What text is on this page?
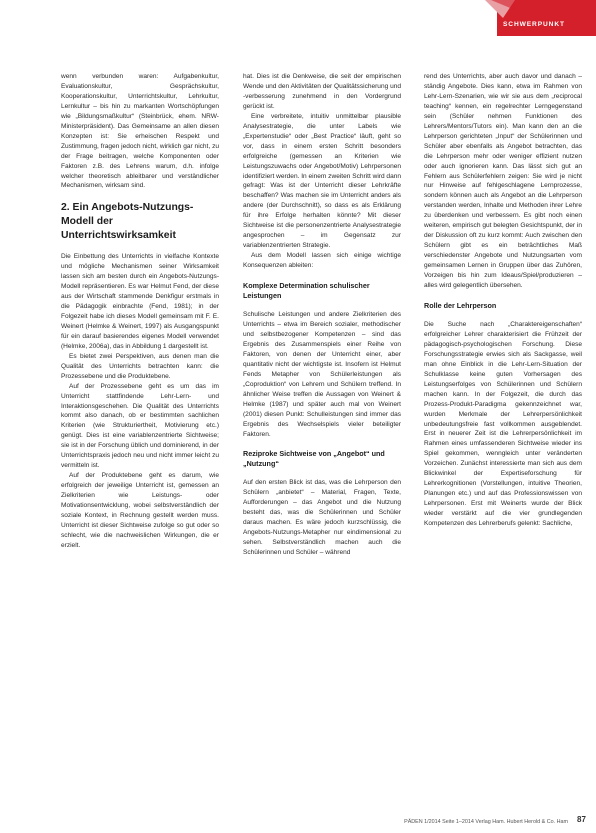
SCHWERPUNKT

wenn verbunden waren: Aufgabenkultur, Evaluationskultur, Gesprächskultur, Kooperationskultur, Unterrichtskultur, Lehrkultur, Lernkultur – bis hin zu markanten Wortschöpfungen wie „Bildungsmaßkultur“ (Steinbrück, ehem. NRW-Ministerpräsident). Das Gemeinsame an allen diesen Konzepten ist: Sie erheischen Respekt und Zustimmung, fragen jedoch nicht, wirklich gar nicht, zu der Frage beitragen, welche Komponenten oder Faktoren z.B. des Lehrens warum, d.h. infolge welcher theoretisch ableitbarer und verständlicher Mechanismen, wirksam sind.

2. Ein Angebots-Nutzungs-Modell der Unterrichtswirksamkeit

Die Einbettung des Unterrichts in vielfache Kontexte und mögliche Mechanismen seiner Wirksamkeit lassen sich am besten durch ein Angebots-Nutzungs-Modell repräsentieren. Es war Helmut Fend, der diese aus der Wirtschaft stammende Denkfigur erstmals in die Pädagogik einbrachte (Fend, 1981); in der Folgezeit habe ich dieses Modell gemeinsam mit F. E. Weinert (Helmke & Weinert, 1997) als Ausgangspunkt für ein darauf basierendes eigenes Modell verwendet (Helmke, 2006a), das in Abbildung 1 dargestellt ist.

Es bietet zwei Perspektiven, aus denen man die Qualität des Unterrichts betrachten kann: die Prozessebene und die Produktebene.

Auf der Prozessebene geht es um das im Unterricht stattfindende Lehr-Lern- und Interaktionsgeschehen. Die Qualität des Unterrichts kommt also danach, ob er bestimmten sachlichen Kriterien (wie Strukturiertheit, Motivierung etc.) genügt. Dies ist eine variablenzentrierte Sichtweise; sie ist in der Forschung üblich und dominierend, in der Unterrichtspraxis jedoch neu und nicht immer leicht zu vermitteln ist.

Auf der Produktebene geht es darum, wie erfolgreich der jeweilige Unterricht ist, gemessen an Zielkriterien wie Leistungs- oder Motivationsentwicklung, wobei selbstverständlich der soziale Kontext, in Rechnung gestellt werden muss. Unterricht ist dieser Sichtweise zufolge so gut oder so schlecht, wie die nachweislichen Wirkungen, die er erzielt.

hat. Dies ist die Denkweise, die seit der empirischen Wende und den Aktivitäten der Qualitätssicherung und -verbesserung zunehmend in den Vordergrund gerückt ist.

Eine verbreitete, intuitiv unmittelbar plausible Analysestrategie, die unter Labels wie „Expertenstudie“ oder „Best Practice“ läuft, geht so vor, dass in einem ersten Schritt besonders erfolgreiche (gemessen an Kriterien wie Leistungszuwachs oder Angebot/Motiv) Lehrpersonen identifiziert werden. In einem zweiten Schritt wird dann gefragt: Was ist der Unterricht dieser Lehrkräfte beschaffen? Was machen sie im Unterricht anders als andere (der Durchschnitt), so dass es als Erklärung für ihre Erfolge herhalten könnte? Mit dieser Sichtweise ist die personenzentrierte Analysestrategie angesprochen – im Gegensatz zur variablenzentrierten Strategie.

Aus dem Modell lassen sich einige wichtige Konsequenzen ableiten:

Komplexe Determination schulischer Leistungen

Schulische Leistungen und andere Zielkriterien des Unterrichts – etwa im Bereich sozialer, methodischer und selbstbezogener Kompetenzen – sind das Ergebnis des Zusammenspiels einer Reihe von Faktoren, von denen der Unterricht einer, aber quantitativ nicht der wichtigste ist. Insofern ist Helmut Fends Metapher von Schülerleistungen als „Coproduktion“ von Lehrern und Schülern treffend. In ähnlicher Weise treffen die Aussagen von Weinert & Helmke (1987) und später auch mal von Weinert (2001) diesen Punkt: Schulleistungen sind immer das Ergebnis des Wechselspiels vieler beteiligter Faktoren.

Reziproke Sichtweise von „Angebot“ und „Nutzung“

Auf den ersten Blick ist das, was die Lehrperson den Schülern „anbietet“ – Material, Fragen, Texte, Aufforderungen – das Angebot und die Nutzung besteht das, was die Schülerinnen und Schüler daraus machen. Es wäre jedoch kurzschlüssig, die Angebots-Nutzungs-Metapher nur eindimensional zu sehen. Selbstverständlich machen auch die Schülerinnen und Schüler – während

rend des Unterrichts, aber auch davor und danach – ständig Angebote. Dies kann, etwa im Rahmen von Lehr-Lern-Szenarien, wie wir sie aus dem „reciprocal teaching“ kennen, ein regelrechter Lerngegenstand sein (Schüler nehmen Funktionen des Lehrers/Mentors/Tutors ein). Man kann den an die Lehrperson gerichteten „Input“ der Schülerinnen und Schüler aber ebenfalls als Angebot betrachten, das die Lehrperson mehr oder weniger effizient nutzen oder auch ignorieren kann. Das lässt sich gut an Fehlern aus Schülerfehlern zeigen: Sie wird je nicht nur Hinweise auf fehlgeschlagene Lernprozesse, sondern können auch als Angebot an die Lehrperson verstanden werden, Inhalte und Methoden ihrer Lehre zu überdenken und verbessern. Es gibt noch einen weiteren, empirisch gut belegten Gesichtspunkt, der in der Diskussion oft zu kurz kommt: Auch zwischen den Schülern gibt es ein beträchtliches Maß verschiedenster Angebote und Nutzungsarten vom gemeinsamen Lernen in Gruppen über das Zuhören, Vorzeigen bis hin zum Ideaus/Spiel/produzieren – alles wird gelegentlich übersehen.

Rolle der Lehrperson

Die Suche nach „Charaktereigenschaften“ erfolgreicher Lehrer charakterisiert die Frühzeit der pädagogisch-psychologischen Forschung. Diese Forschungsstrategie erwies sich als Sackgasse, weil man ohne Einblick in die Lehr-Lern-Situation der Schulklasse keine guten Vorhersagen des Leistungserfolges von Schülerinnen und Schülern machen kann. In der Folgezeit, die durch das Prozess-Produkt-Paradigma gekennzeichnet war, wurden Merkmale der Lehrerpersönlichkeit unbedeutungsfreie fast vollkommen ausgeblendet. Erst in neuerer Zeit ist die Lehrerpersönlichkeit im Rahmen eines umfassenderen Sichtweise wieder ins Spiel gekommen, wenngleich unter veränderten Vorzeichen. Zunächst interessierte man sich aus dem Blickwinkel der Expertiseforschung für Lehrerkognitionen (Vorstellungen, intuitive Theorien, Planungen etc.) und auf das Professionswissen von Lehrpersonen. Erst mit Weinerts wurde der Blick wieder verstärkt auf die vier grundlegenden Kompetenzen des Lehrerberufs gelenkt: Sachliche,

PÄDEN 1/2014 Seite 1–2014 Verlag Ham. Hubert Herold & Co. Ham 87
